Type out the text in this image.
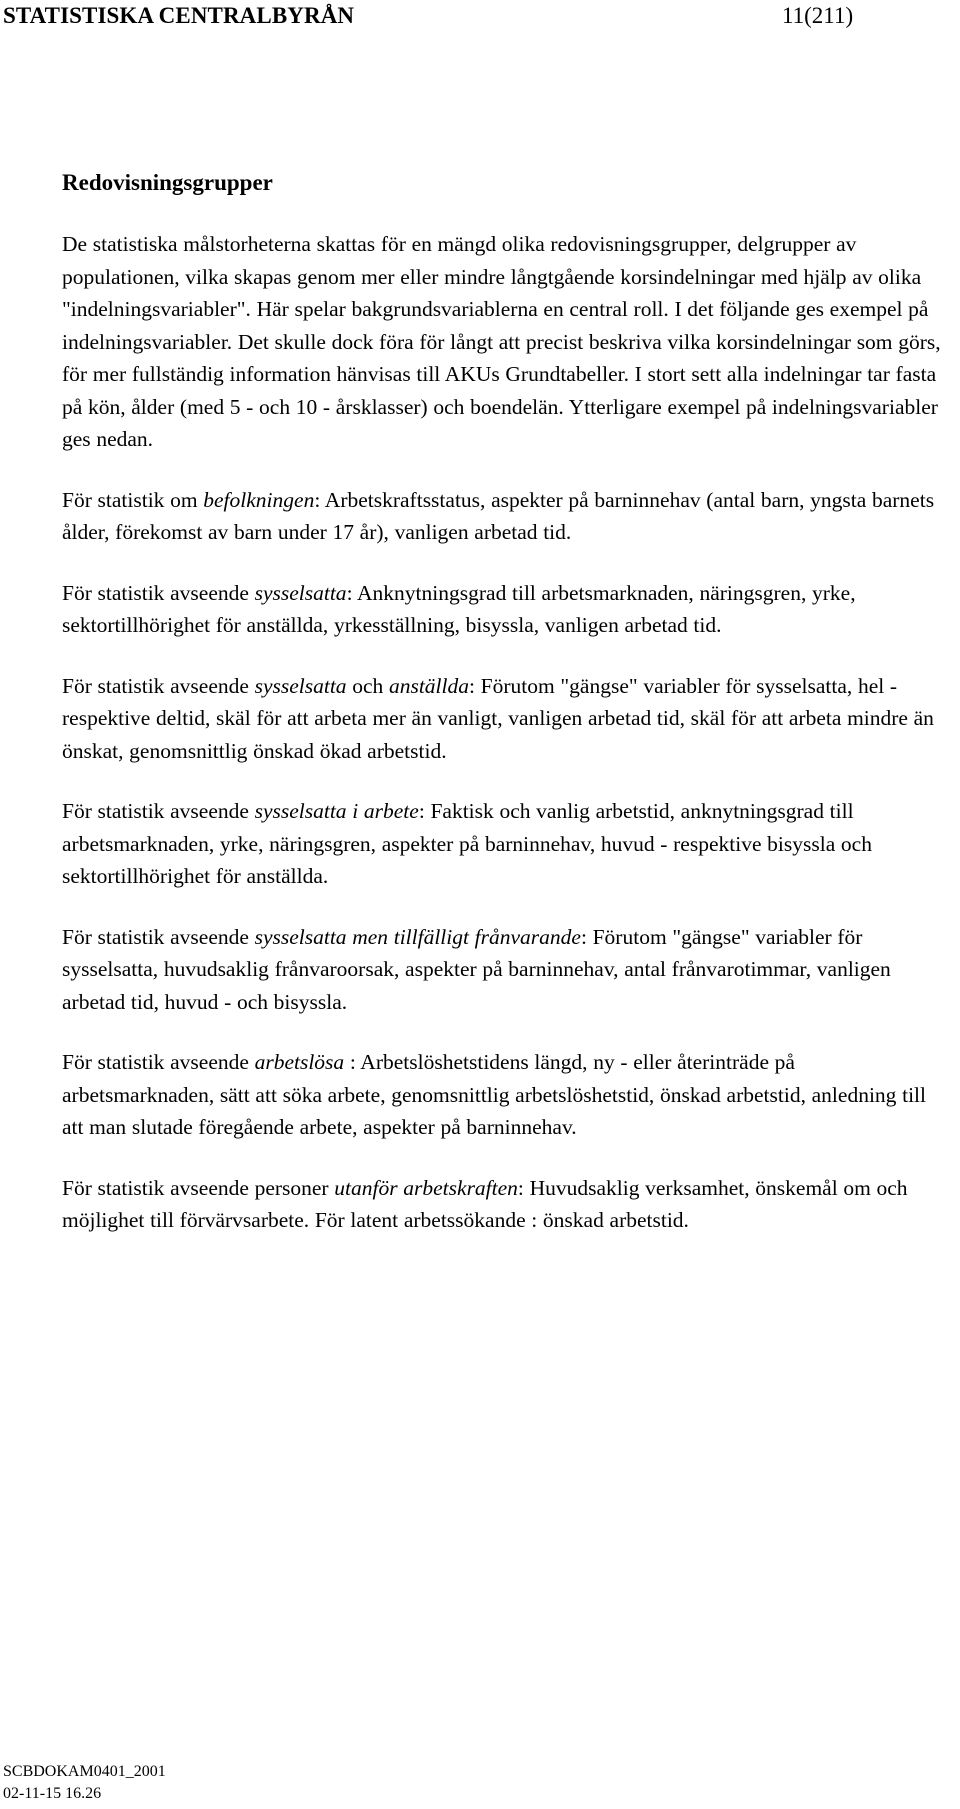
STATISTISKA CENTRALBYRÅN	11(211)
Redovisningsgrupper

De statistiska målstorheterna skattas för en mängd olika redovisningsgrupper, delgrupper av populationen, vilka skapas genom mer eller mindre långtgående korsindelningar med hjälp av olika "indelningsvariabler". Här spelar bakgrundsvariablerna en central roll. I det följande ges exempel på indelningsvariabler. Det skulle dock föra för långt att precist beskriva vilka korsindelningar som görs, för mer fullständig information hänvisas till AKUs Grundtabeller. I stort sett alla indelningar tar fasta på kön, ålder (med 5 - och 10 - årsklasser) och boendelän. Ytterligare exempel på indelningsvariabler ges nedan.

För statistik om befolkningen: Arbetskraftsstatus, aspekter på barninnehav (antal barn, yngsta barnets ålder, förekomst av barn under 17 år), vanligen arbetad tid.

För statistik avseende sysselsatta: Anknytningsgrad till arbetsmarknaden, näringsgren, yrke, sektortillhörighet för anställda, yrkesställning, bisyssla, vanligen arbetad tid.

För statistik avseende sysselsatta och anställda: Förutom "gängse" variabler för sysselsatta, hel - respektive deltid, skäl för att arbeta mer än vanligt, vanligen arbetad tid, skäl för att arbeta mindre än önskat, genomsnittlig önskad ökad arbetstid.

För statistik avseende sysselsatta i arbete: Faktisk och vanlig arbetstid, anknytningsgrad till arbetsmarknaden, yrke, näringsgren, aspekter på barninnehav, huvud - respektive bisyssla och sektortillhörighet för anställda.

För statistik avseende sysselsatta men tillfälligt frånvarande: Förutom "gängse" variabler för sysselsatta, huvudsaklig frånvaroorsak, aspekter på barninnehav, antal frånvarotimmar, vanligen arbetad tid, huvud - och bisyssla.

För statistik avseende arbetslösa : Arbetslöshetstidens längd, ny - eller återinträde på arbetsmarknaden, sätt att söka arbete, genomsnittlig arbetslöshetstid, önskad arbetstid, anledning till att man slutade föregående arbete, aspekter på barninnehav.

För statistik avseende personer utanför arbetskraften: Huvudsaklig verksamhet, önskemål om och möjlighet till förvärvsarbete. För latent arbetssökande : önskad arbetstid.

SCBDOKAM0401_2001
02-11-15 16.26
